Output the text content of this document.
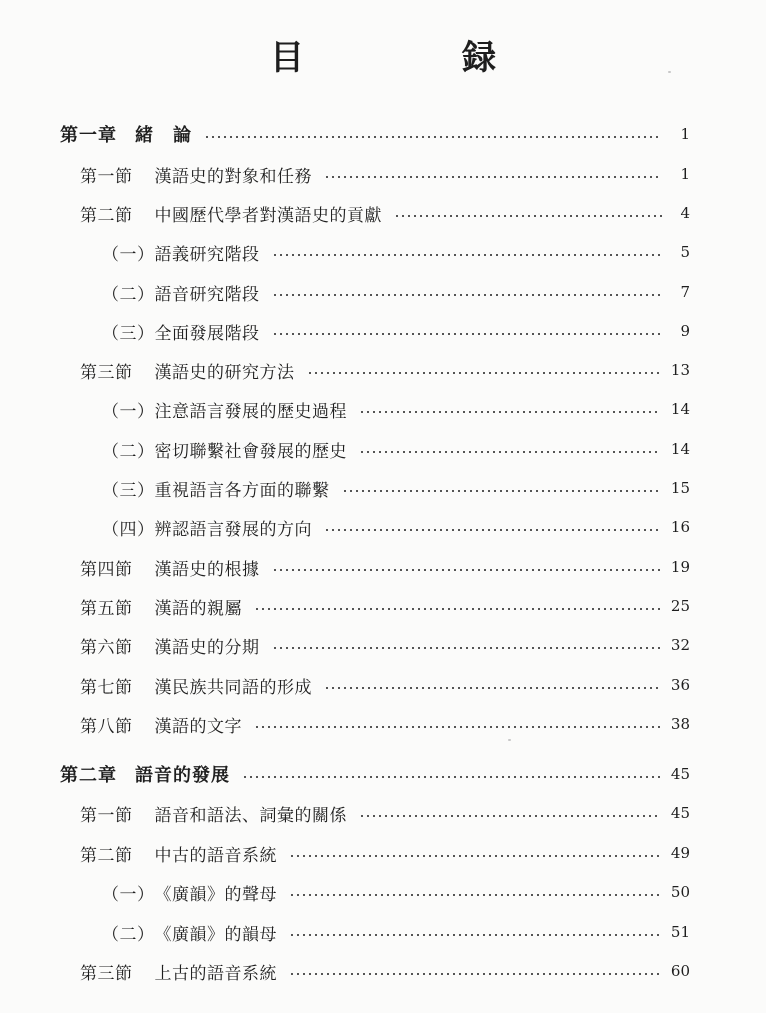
目　録
第一章 緒　論	1
第一節 漢語史的對象和任務	1
第二節 中國歷代學者對漢語史的貢獻	4
（一） 語義研究階段	5
（二） 語音研究階段	7
（三） 全面發展階段	9
第三節 漢語史的研究方法	13
（一） 注意語言發展的歷史過程	14
（二） 密切聯繫社會發展的歷史	14
（三） 重視語言各方面的聯繫	15
（四） 辨認語言發展的方向	16
第四節 漢語史的根據	19
第五節 漢語的親屬	25
第六節 漢語史的分期	32
第七節 漢民族共同語的形成	36
第八節 漢語的文字	38
第二章 語音的發展	45
第一節 語音和語法、詞彙的關係	45
第二節 中古的語音系統	49
（一） 《廣韻》的聲母	50
（二） 《廣韻》的韻母	51
第三節 上古的語音系統	60
